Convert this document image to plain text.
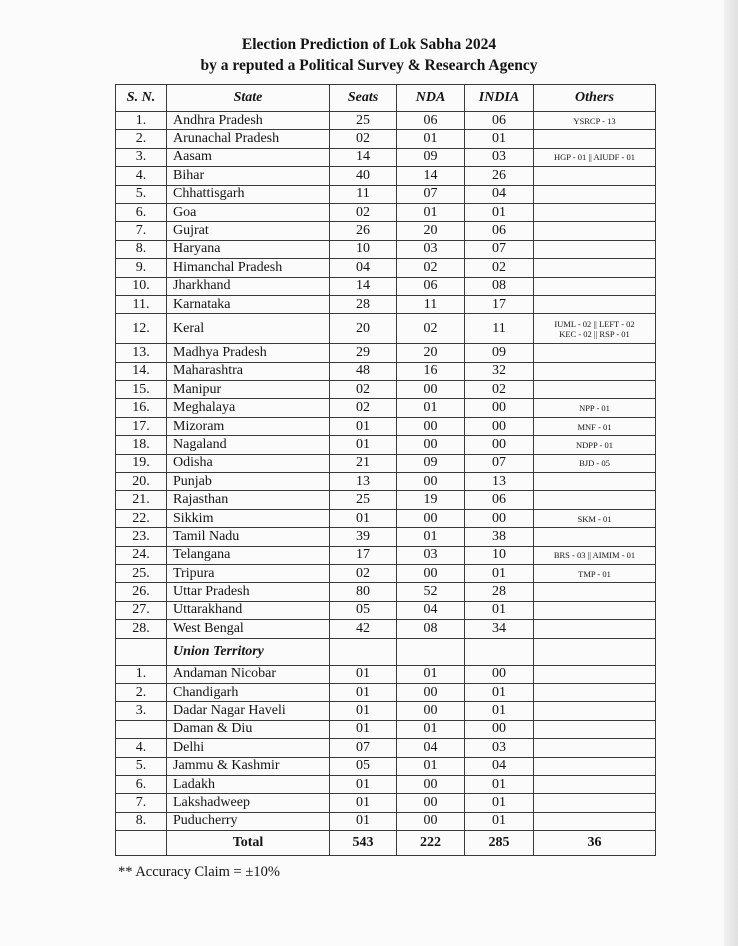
Election Prediction of Lok Sabha 2024
by a reputed a Political Survey & Research Agency
S. N.	State	Seats	NDA	INDIA	Others
1.	Andhra Pradesh	25	06	06	YSRCP - 13
2.	Arunachal Pradesh	02	01	01	
3.	Aasam	14	09	03	HGP - 01 || AIUDF - 01
4.	Bihar	40	14	26	
5.	Chhattisgarh	11	07	04	
6.	Goa	02	01	01	
7.	Gujrat	26	20	06	
8.	Haryana	10	03	07	
9.	Himanchal Pradesh	04	02	02	
10.	Jharkhand	14	06	08	
11.	Karnataka	28	11	17	
12.	Keral	20	02	11	IUML - 02 || LEFT - 02
KEC - 02 || RSP - 01
13.	Madhya Pradesh	29	20	09	
14.	Maharashtra	48	16	32	
15.	Manipur	02	00	02	
16.	Meghalaya	02	01	00	NPP - 01
17.	Mizoram	01	00	00	MNF - 01
18.	Nagaland	01	00	00	NDPP - 01
19.	Odisha	21	09	07	BJD - 05
20.	Punjab	13	00	13	
21.	Rajasthan	25	19	06	
22.	Sikkim	01	00	00	SKM - 01
23.	Tamil Nadu	39	01	38	
24.	Telangana	17	03	10	BRS - 03 || AIMIM - 01
25.	Tripura	02	00	01	TMP - 01
26.	Uttar Pradesh	80	52	28	
27.	Uttarakhand	05	04	01	
28.	West Bengal	42	08	34	
	Union Territory				
1.	Andaman Nicobar	01	01	00	
2.	Chandigarh	01	00	01	
3.	Dadar Nagar Haveli	01	00	01	
	Daman & Diu	01	01	00	
4.	Delhi	07	04	03	
5.	Jammu & Kashmir	05	01	04	
6.	Ladakh	01	00	01	
7.	Lakshadweep	01	00	01	
8.	Puducherry	01	00	01	
	Total	543	222	285	36
** Accuracy Claim = ±10%
